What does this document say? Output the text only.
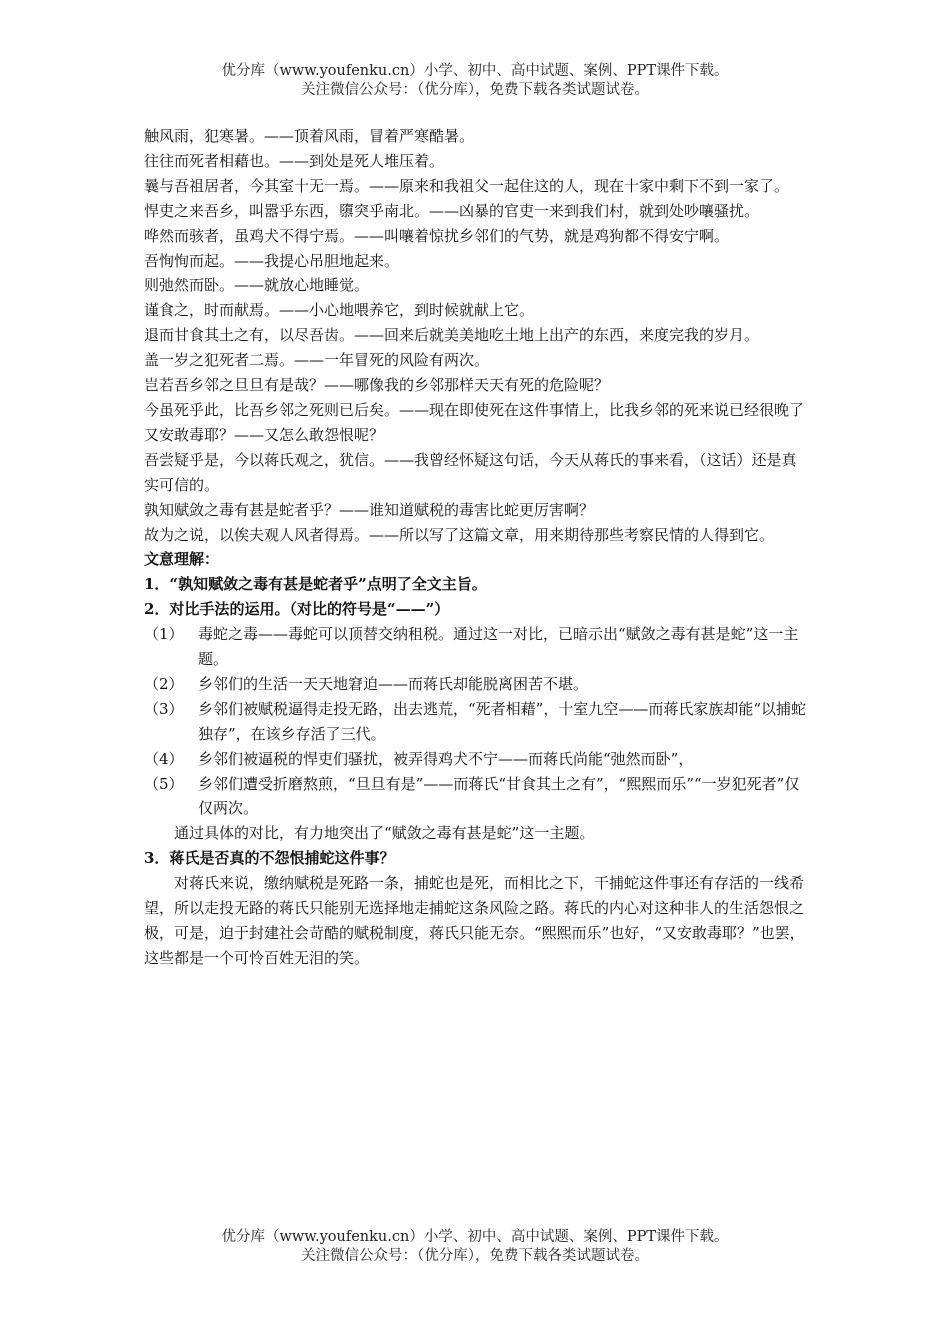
优分库（www.youfenku.cn）小学、初中、高中试题、案例、PPT课件下载。
关注微信公众号：（优分库），免费下载各类试题试卷。

触风雨，犯寒暑。——顶着风雨，冒着严寒酷暑。

往往而死者相藉也。——到处是死人堆压着。

曩与吾祖居者，今其室十无一焉。——原来和我祖父一起住这的人，现在十家中剩下不到一家了。

悍吏之来吾乡，叫嚣乎东西，隳突乎南北。——凶暴的官吏一来到我们村，就到处吵嚷骚扰。

哗然而骇者，虽鸡犬不得宁焉。——叫嚷着惊扰乡邻们的气势，就是鸡狗都不得安宁啊。

吾恂恂而起。——我提心吊胆地起来。

则弛然而卧。——就放心地睡觉。

谨食之，时而献焉。——小心地喂养它，到时候就献上它。

退而甘食其土之有，以尽吾齿。——回来后就美美地吃土地上出产的东西，来度完我的岁月。

盖一岁之犯死者二焉。——一年冒死的风险有两次。

岂若吾乡邻之旦旦有是哉？——哪像我的乡邻那样天天有死的危险呢？

今虽死乎此，比吾乡邻之死则已后矣。——现在即使死在这件事情上，比我乡邻的死来说已经很晚了

又安敢毒耶？——又怎么敢怨恨呢？

吾尝疑乎是，今以蒋氏观之，犹信。——我曾经怀疑这句话，今天从蒋氏的事来看，（这话）还是真实可信的。

孰知赋敛之毒有甚是蛇者乎？——谁知道赋税的毒害比蛇更厉害啊？

故为之说，以俟夫观人风者得焉。——所以写了这篇文章，用来期待那些考察民情的人得到它。

文意理解：

1．“孰知赋敛之毒有甚是蛇者乎”点明了全文主旨。

2．对比手法的运用。（对比的符号是“——”）

（1） 毒蛇之毒——毒蛇可以顶替交纳租税。通过这一对比，已暗示出“赋敛之毒有甚是蛇”这一主题。
（2） 乡邻们的生活一天天地窘迫——而蒋氏却能脱离困苦不堪。
（3） 乡邻们被赋税逼得走投无路，出去逃荒，“死者相藉”，十室九空——而蒋氏家族却能“以捕蛇独存”，在该乡存活了三代。
（4） 乡邻们被逼税的悍吏们骚扰，被弄得鸡犬不宁——而蒋氏尚能“弛然而卧”，
（5） 乡邻们遭受折磨熬煎，“旦旦有是”——而蒋氏“甘食其土之有”，“熙熙而乐”“一岁犯死者”仅仅两次。

通过具体的对比，有力地突出了“赋敛之毒有甚是蛇”这一主题。

3．蒋氏是否真的不怨恨捕蛇这件事？

对蒋氏来说，缴纳赋税是死路一条，捕蛇也是死，而相比之下，干捕蛇这件事还有存活的一线希望，所以走投无路的蒋氏只能别无选择地走捕蛇这条风险之路。蒋氏的内心对这种非人的生活怨恨之极，可是，迫于封建社会苛酷的赋税制度，蒋氏只能无奈。“熙熙而乐”也好，“又安敢毒耶？”也罢，这些都是一个可怜百姓无泪的笑。

优分库（www.youfenku.cn）小学、初中、高中试题、案例、PPT课件下载。
关注微信公众号：（优分库），免费下载各类试题试卷。
